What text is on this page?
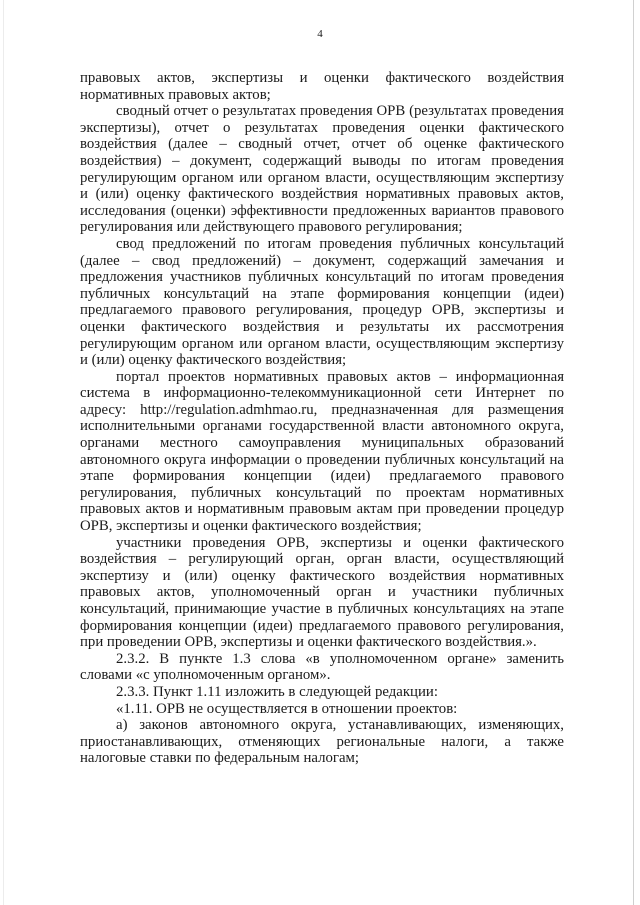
4

правовых актов, экспертизы и оценки фактического воздействия нормативных правовых актов;

сводный отчет о результатах проведения ОРВ (результатах проведения экспертизы), отчет о результатах проведения оценки фактического воздействия (далее – сводный отчет, отчет об оценке фактического воздействия) – документ, содержащий выводы по итогам проведения регулирующим органом или органом власти, осуществляющим экспертизу и (или) оценку фактического воздействия нормативных правовых актов, исследования (оценки) эффективности предложенных вариантов правового регулирования или действующего правового регулирования;

свод предложений по итогам проведения публичных консультаций (далее – свод предложений) – документ, содержащий замечания и предложения участников публичных консультаций по итогам проведения публичных консультаций на этапе формирования концепции (идеи) предлагаемого правового регулирования, процедур ОРВ, экспертизы и оценки фактического воздействия и результаты их рассмотрения регулирующим органом или органом власти, осуществляющим экспертизу и (или) оценку фактического воздействия;

портал проектов нормативных правовых актов – информационная система в информационно-телекоммуникационной сети Интернет по адресу: http://regulation.admhmao.ru, предназначенная для размещения исполнительными органами государственной власти автономного округа, органами местного самоуправления муниципальных образований автономного округа информации о проведении публичных консультаций на этапе формирования концепции (идеи) предлагаемого правового регулирования, публичных консультаций по проектам нормативных правовых актов и нормативным правовым актам при проведении процедур ОРВ, экспертизы и оценки фактического воздействия;

участники проведения ОРВ, экспертизы и оценки фактического воздействия – регулирующий орган, орган власти, осуществляющий экспертизу и (или) оценку фактического воздействия нормативных правовых актов, уполномоченный орган и участники публичных консультаций, принимающие участие в публичных консультациях на этапе формирования концепции (идеи) предлагаемого правового регулирования, при проведении ОРВ, экспертизы и оценки фактического воздействия.».

2.3.2. В пункте 1.3 слова «в уполномоченном органе» заменить словами «с уполномоченным органом».

2.3.3. Пункт 1.11 изложить в следующей редакции:

«1.11. ОРВ не осуществляется в отношении проектов:

а) законов автономного округа, устанавливающих, изменяющих, приостанавливающих, отменяющих региональные налоги, а также налоговые ставки по федеральным налогам;
